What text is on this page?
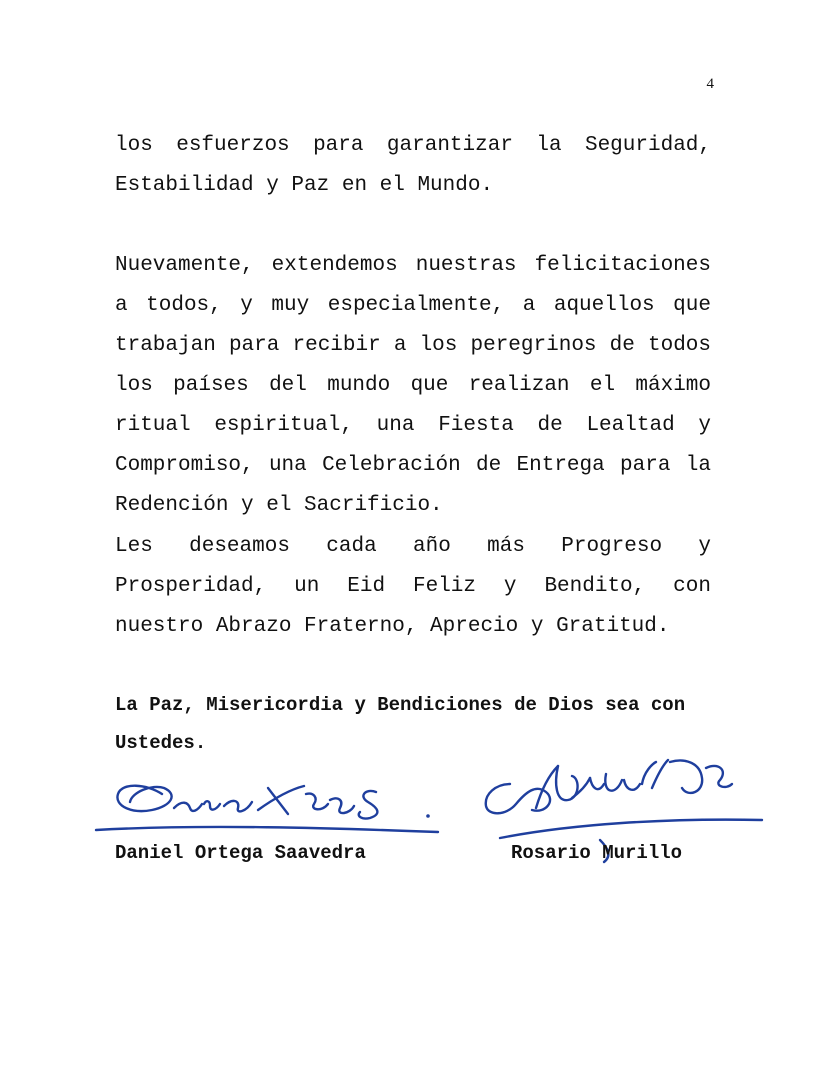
4

los esfuerzos para garantizar la Seguridad, Estabilidad y Paz en el Mundo.

Nuevamente, extendemos nuestras felicitaciones a todos, y muy especialmente, a aquellos que trabajan para recibir a los peregrinos de todos los países del mundo que realizan el máximo ritual espiritual, una Fiesta de Lealtad y Compromiso, una Celebración de Entrega para la Redención y el Sacrificio.

Les deseamos cada año más Progreso y Prosperidad, un Eid Feliz y Bendito, con nuestro Abrazo Fraterno, Aprecio y Gratitud.

La Paz, Misericordia y Bendiciones de Dios sea con Ustedes.

Daniel Ortega Saavedra	Rosario Murillo
